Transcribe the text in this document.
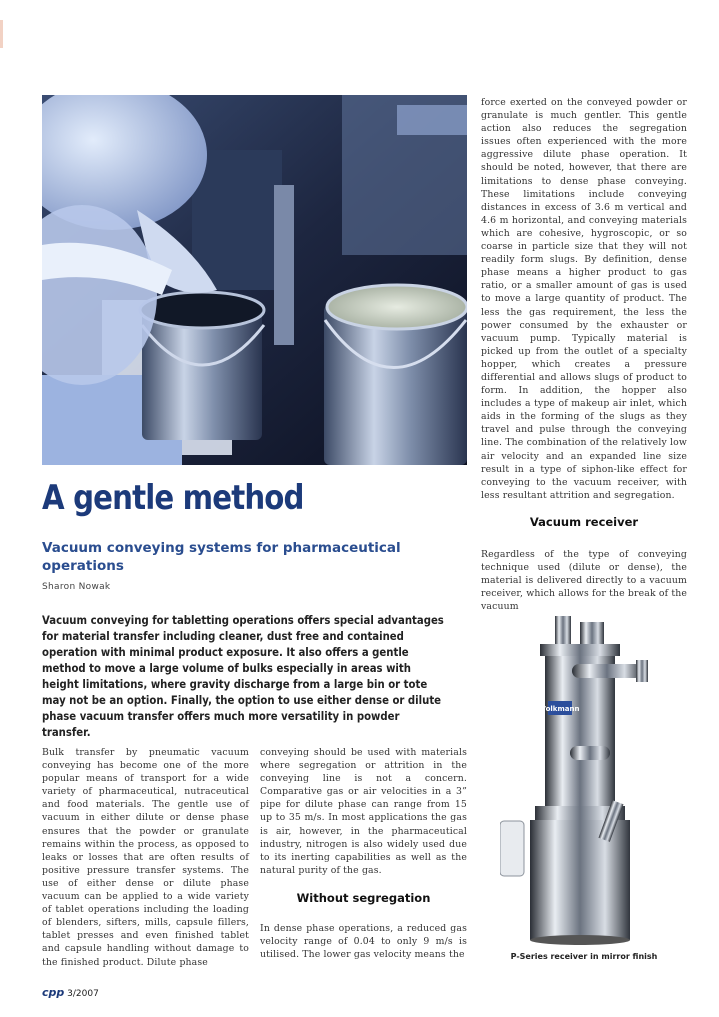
A gentle method
Vacuum conveying systems for pharmaceutical operations
Sharon Nowak

Vacuum conveying for tabletting operations offers special advantages for material transfer including cleaner, dust free and contained operation with minimal product exposure. It also offers a gentle method to move a large volume of bulks especially in areas with height limitations, where gravity discharge from a large bin or tote may not be an option. Finally, the option to use either dense or dilute phase vacuum transfer offers much more versatility in powder transfer.

Bulk transfer by pneumatic vacuum conveying has become one of the more popular means of transport for a wide variety of pharmaceutical, nutraceutical and food materials. The gentle use of vacuum in either dilute or dense phase ensures that the powder or granulate remains within the process, as opposed to leaks or losses that are often results of positive pressure transfer systems. The use of either dense or dilute phase vacuum can be applied to a wide variety of tablet operations including the loading of blenders, sifters, mills, capsule fillers, tablet presses and even finished tablet and capsule handling without damage to the finished product. Dilute phase

conveying should be used with materials where segregation or attrition in the conveying line is not a concern. Comparative gas or air velocities in a 3” pipe for dilute phase can range from 15 up to 35 m/s. In most applications the gas is air, however, in the pharmaceutical industry, nitrogen is also widely used due to its inerting capabilities as well as the natural purity of the gas.

Without segregation

In dense phase operations, a reduced gas velocity range of 0.04 to only 9 m/s is utilised. The lower gas velocity means the

force exerted on the conveyed powder or granulate is much gentler. This gentle action also reduces the segregation issues often experienced with the more aggressive dilute phase operation. It should be noted, however, that there are limitations to dense phase conveying. These limitations include conveying distances in excess of 3.6 m vertical and 4.6 m horizontal, and conveying materials which are cohesive, hygroscopic, or so coarse in particle size that they will not readily form slugs. By definition, dense phase means a higher product to gas ratio, or a smaller amount of gas is used to move a large quantity of product. The less the gas requirement, the less the power consumed by the exhauster or vacuum pump. Typically material is picked up from the outlet of a specialty hopper, which creates a pressure differential and allows slugs of product to form. In addition, the hopper also includes a type of makeup air inlet, which aids in the forming of the slugs as they travel and pulse through the conveying line. The combination of the relatively low air velocity and an expanded line size result in a type of siphon-like effect for conveying to the vacuum receiver, with less resultant attrition and segregation.

Vacuum receiver

Regardless of the type of conveying technique used (dilute or dense), the material is delivered directly to a vacuum receiver, which allows for the break of the vacuum

Volkmann
P-Series receiver in mirror finish
cpp 3/2007
